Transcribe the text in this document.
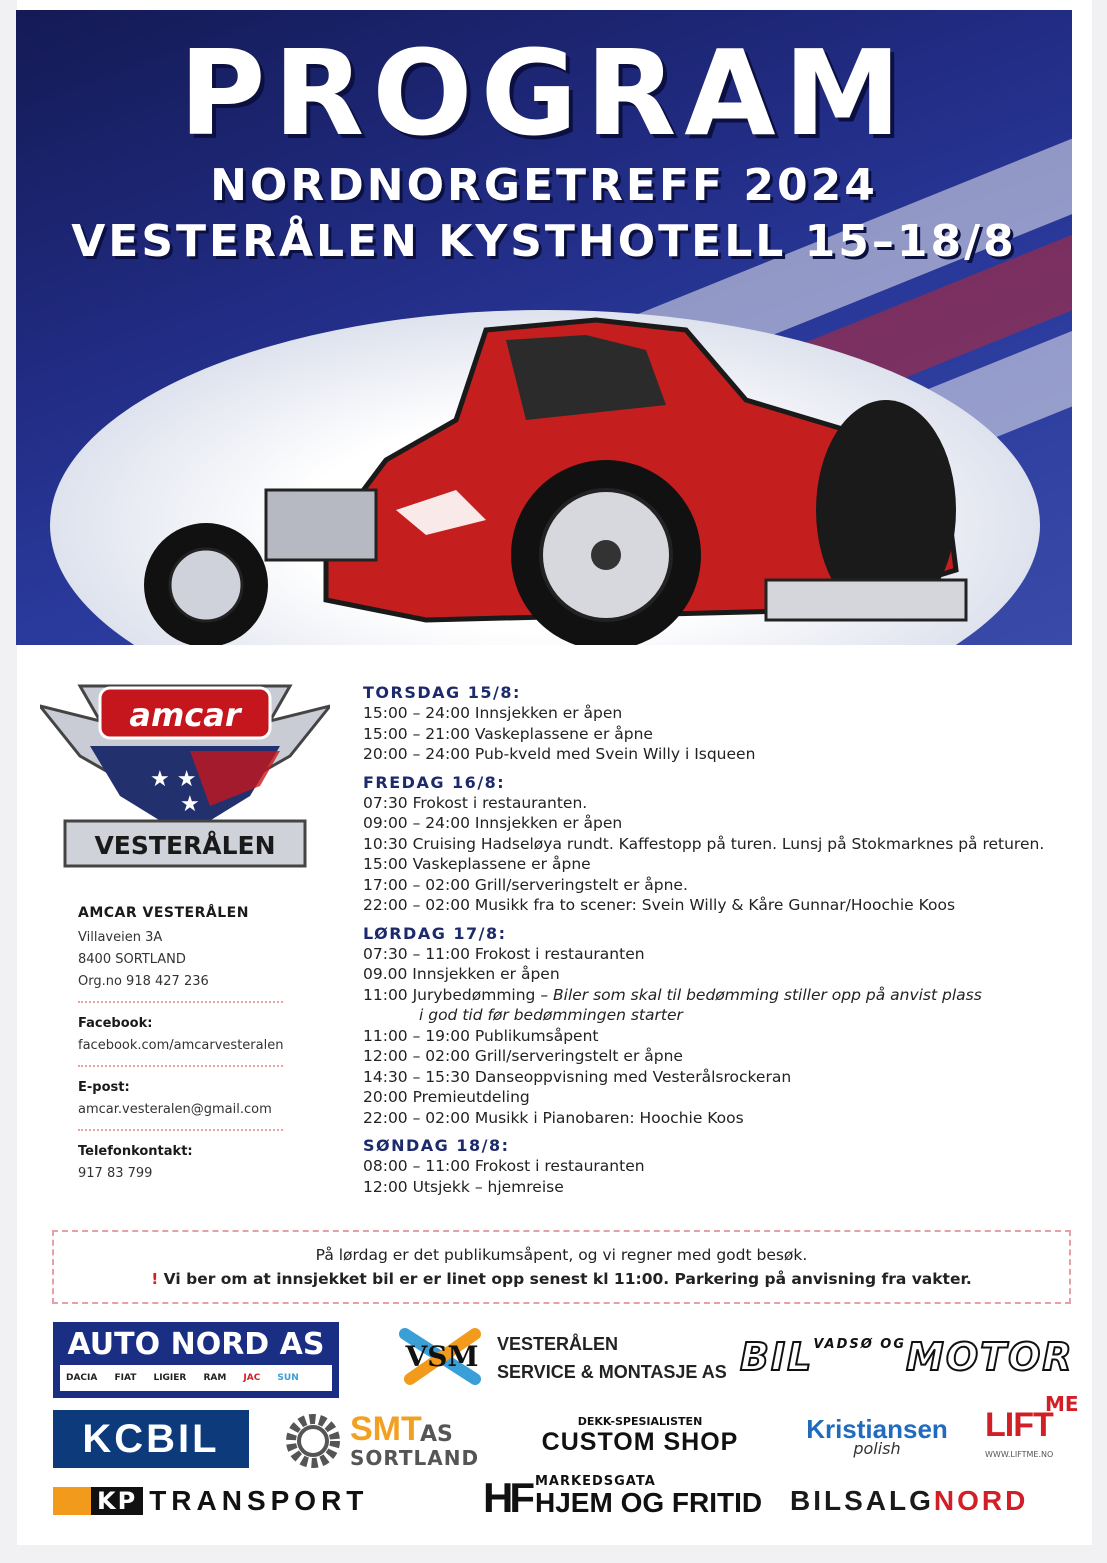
PROGRAM
NORDNORGETREFF 2024
VESTERÅLEN KYSTHOTELL 15–18/8
amcar
★ ★
★
VESTERÅLEN
AMCAR VESTERÅLEN
Villaveien 3A
8400 SORTLAND
Org.no 918 427 236
Facebook:
facebook.com/amcarvesteralen
E-post:
amcar.vesteralen@gmail.com
Telefonkontakt:
917 83 799
TORSDAG 15/8:
15:00 – 24:00 Innsjekken er åpen
15:00 – 21:00 Vaskeplassene er åpne
20:00 – 24:00 Pub-kveld med Svein Willy i Isqueen
FREDAG 16/8:
07:30 Frokost i restauranten.
09:00 – 24:00 Innsjekken er åpen
10:30 Cruising Hadseløya rundt. Kaffestopp på turen. Lunsj på Stokmarknes på returen.
15:00 Vaskeplassene er åpne
17:00 – 02:00 Grill/serveringstelt er åpne.
22:00 – 02:00 Musikk fra to scener: Svein Willy & Kåre Gunnar/Hoochie Koos
LØRDAG 17/8:
07:30 – 11:00 Frokost i restauranten
09.00 Innsjekken er åpen
11:00 Jurybedømming – Biler som skal til bedømming stiller opp på anvist plass
i god tid før bedømmingen starter
11:00 – 19:00 Publikumsåpent
12:00 – 02:00 Grill/serveringstelt er åpne
14:30 – 15:30 Danseoppvisning med Vesterålsrockeran
20:00 Premieutdeling
22:00 – 02:00 Musikk i Pianobaren: Hoochie Koos
SØNDAG 18/8:
08:00 – 11:00 Frokost i restauranten
12:00 Utsjekk – hjemreise
På lørdag er det publikumsåpent, og vi regner med godt besøk.
! Vi ber om at innsjekket bil er er linet opp senest kl 11:00. Parkering på anvisning fra vakter.
AUTO NORD AS
DACIA FIAT LIGIER RAM JAC SUN
VSM VESTERÅLEN
SERVICE & MONTASJE AS $BIL^{VADSØ OG}MOTOR$
KCBIL	SMT
AS
SORTLAND
DEKK-SPESIALISTEN
CUSTOM SHOP	Kristiansen
polish
ME
LIFT
WWW.LIFTME.NO
KP TRANSPORT	HF MARKEDSGATA
HJEM OG FRITID BILSALGNORD
